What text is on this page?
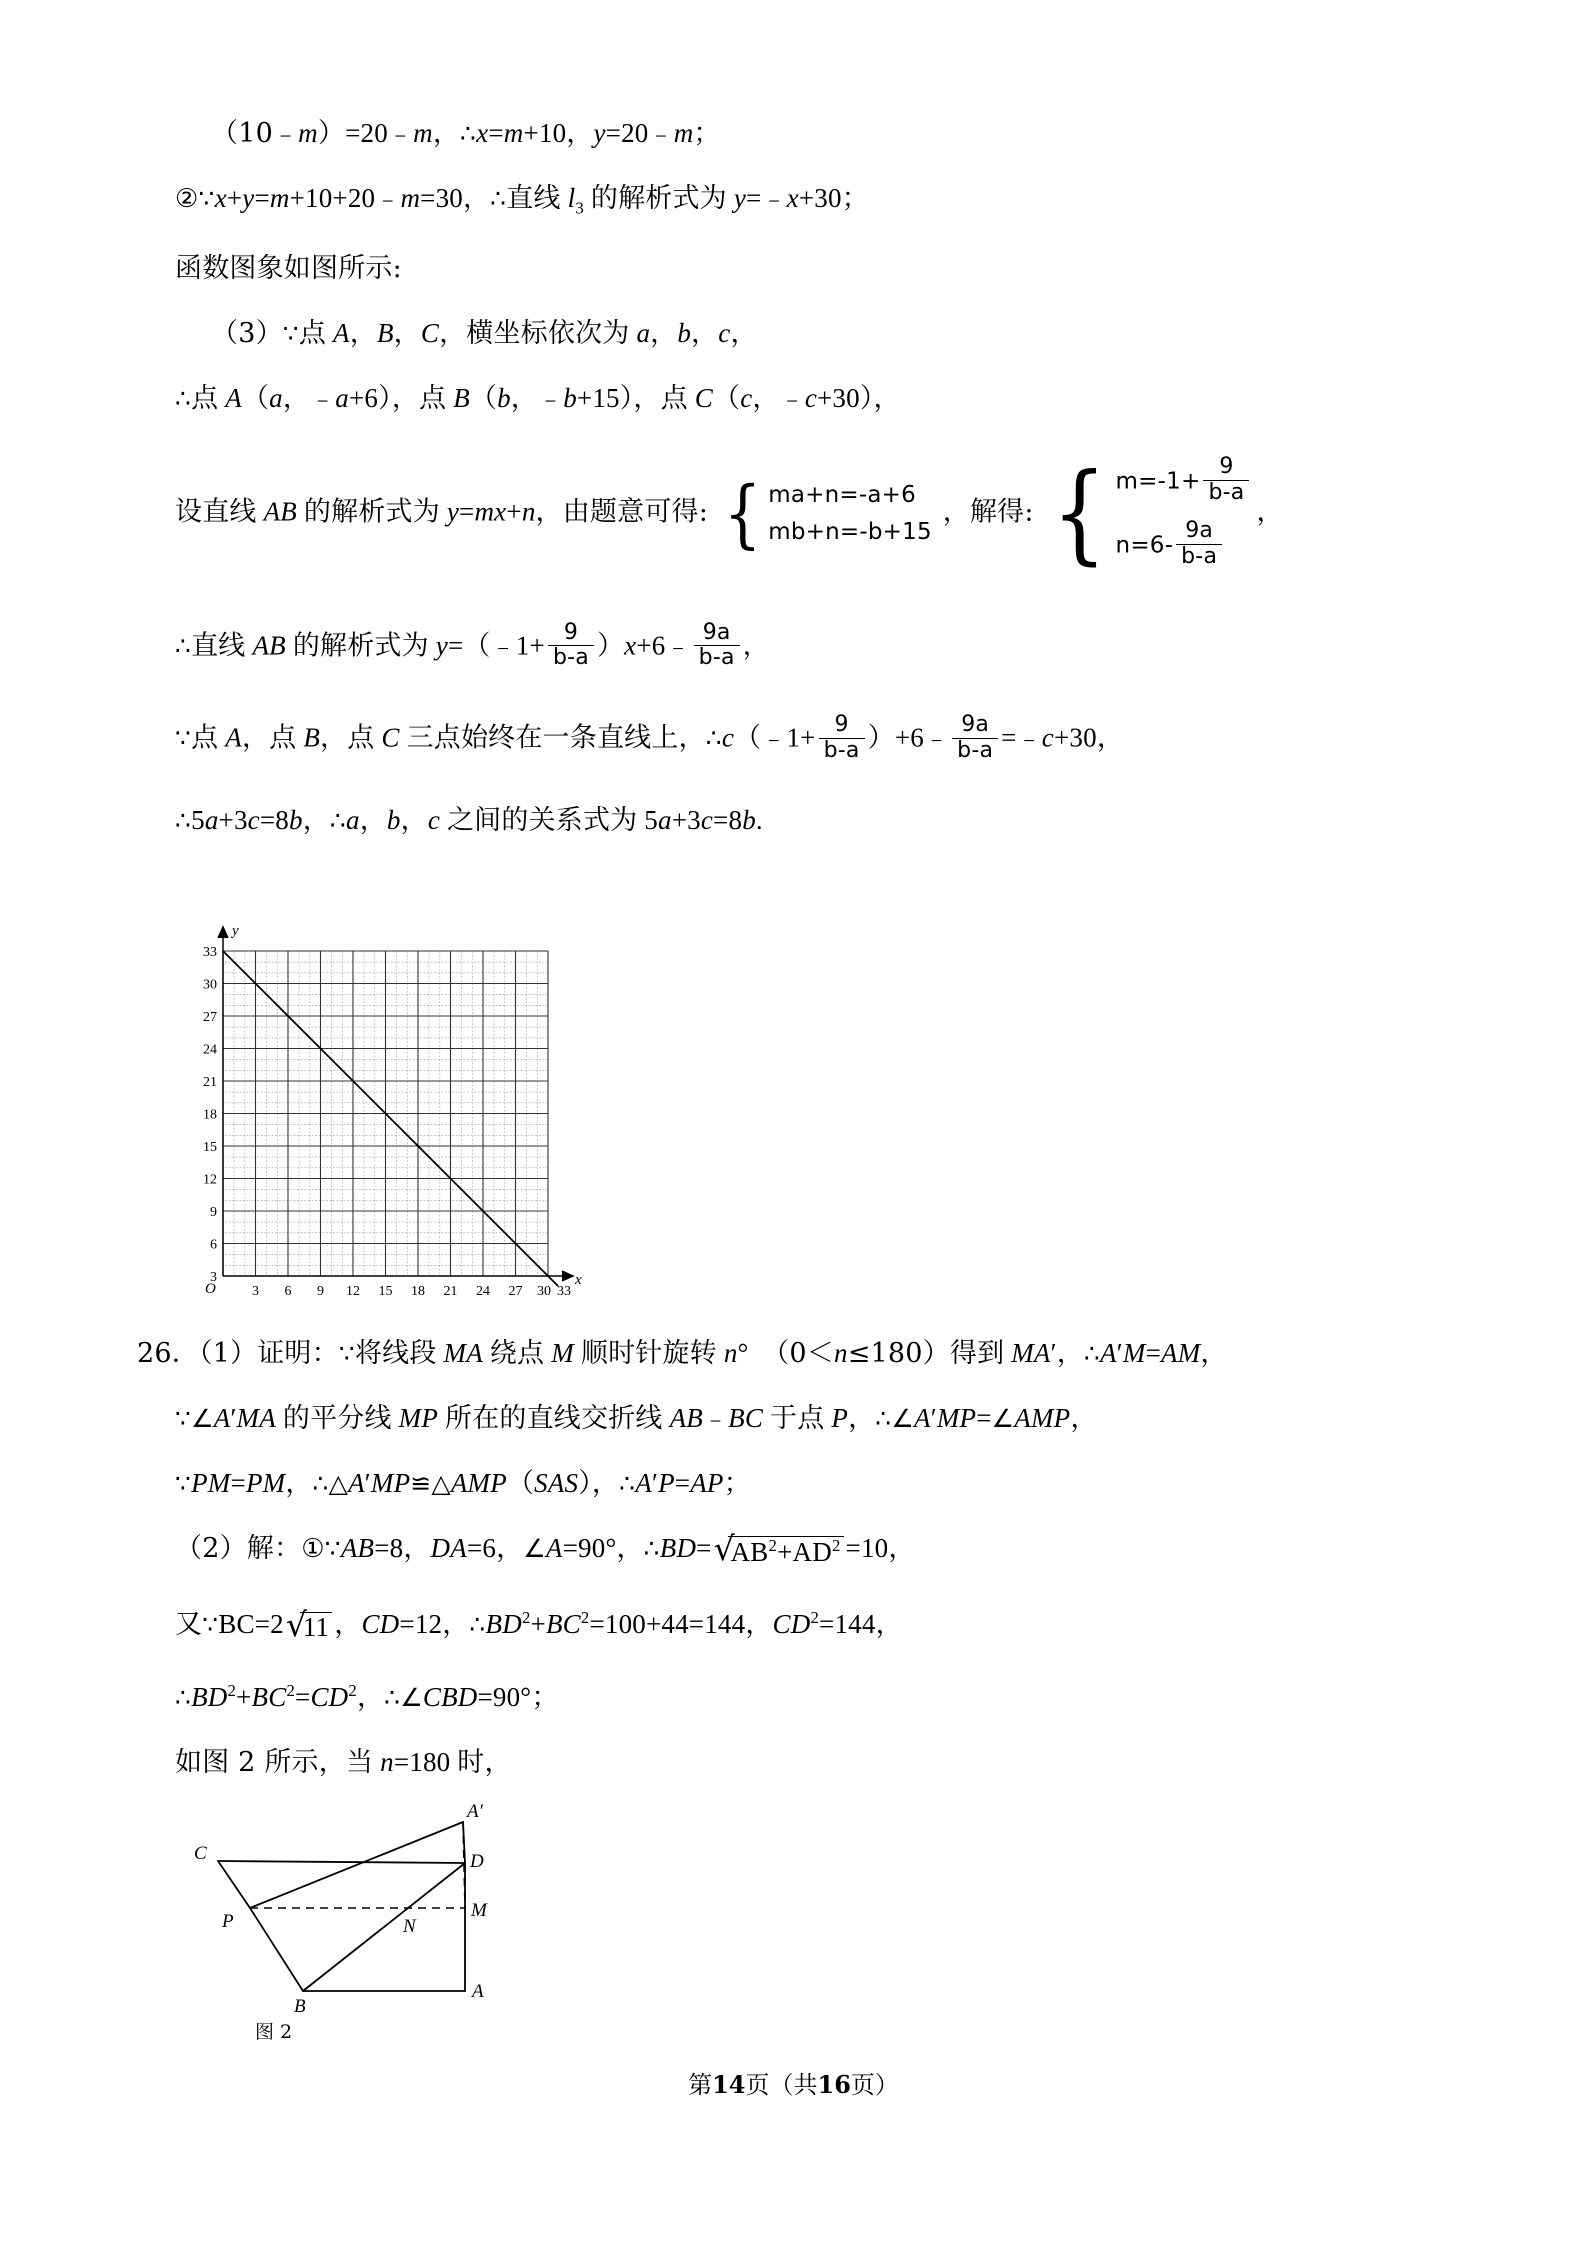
（10﹣m）=20﹣m，∴x=m+10，y=20﹣m；
②∵x+y=m+10+20﹣m=30，∴直线 $l_3$ 的解析式为 y=﹣x+30；
函数图象如图所示:
（3）∵点 A，B，C，横坐标依次为 a，b，c，
∴点 A（a，﹣a+6），点 B（b，﹣b+15），点 C（c，﹣c+30），
设直线 AB 的解析式为 y=mx+n，由题意可得: { ma+n=-a+6
mb+n=-b+15
，解得: { $m=-1+ \frac{9}{b-a}$
$n=6- \frac{9a}{b-a}$
，
∴直线 AB 的解析式为 y=（﹣1+ $\frac{9}{b-a}$ ）x+6﹣ $\frac{9a}{b-a}$ ，
∵点 A，点 B，点 C 三点始终在一条直线上，∴c（﹣1+ $\frac{9}{b-a}$ ）+6﹣ $\frac{9a}{b-a}$ =﹣c+30，
∴5a+3c=8b，∴a，b，c 之间的关系式为 5a+3c=8b.
y
x
O
33
30
27
24
21
18
15
12
9
6
3
3 6 9 12 15 18 21 24 27 30 33
26．（1）证明：∵将线段 MA 绕点 M 顺时针旋转 n°　（0＜n≤180）得到 MA′，∴A′M=AM，
∵∠A′MA 的平分线 MP 所在的直线交折线 AB﹣BC 于点 P，∴∠A′MP=∠AMP，
∵PM=PM，∴△A′MP≌△AMP（SAS），∴A′P=AP；
（2）解：①∵AB=8，DA=6，∠A=90°，∴BD= √ $AB^2+AD^2 =10$，
又∵BC=2 √ 11 ，CD=12，$\therefore BD^2+BC^2=100+44=144$，$CD^2=144$，
$\therefore BD^2+BC^2=CD^2$，∴∠CBD=90°；
如图 2 所示，当 n=180 时，
C	D
A′
P
M
N
B
A
图 2
第14页（共16页）
